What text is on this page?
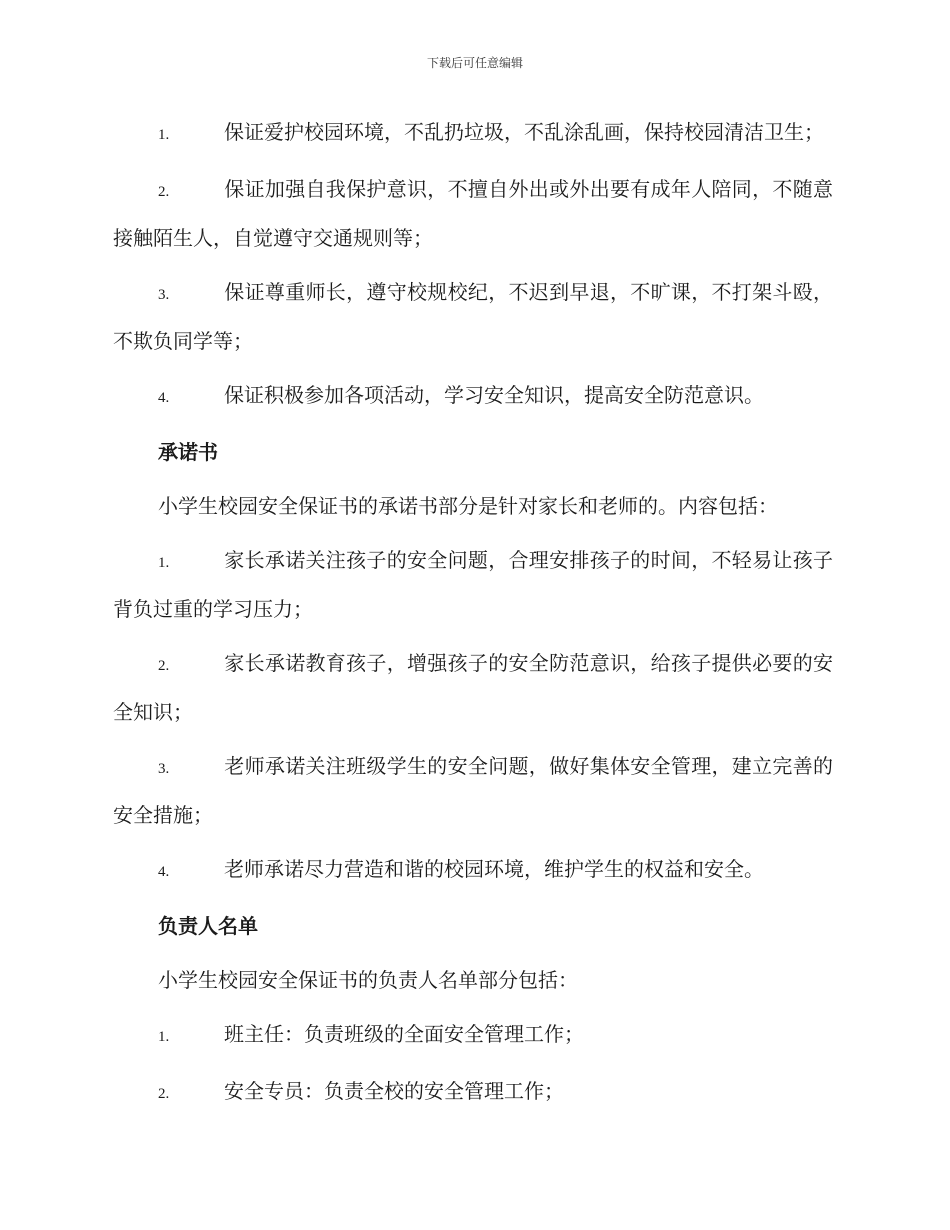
下载后可任意编辑
1.	保证爱护校园环境，不乱扔垃圾，不乱涂乱画，保持校园清洁卫生；
2.	保证加强自我保护意识，不擅自外出或外出要有成年人陪同，不随意接触陌生人，自觉遵守交通规则等；
3.	保证尊重师长，遵守校规校纪，不迟到早退，不旷课，不打架斗殴，不欺负同学等；
4.	保证积极参加各项活动，学习安全知识，提高安全防范意识。
承诺书
小学生校园安全保证书的承诺书部分是针对家长和老师的。内容包括：
1.	家长承诺关注孩子的安全问题，合理安排孩子的时间，不轻易让孩子背负过重的学习压力；
2.	家长承诺教育孩子，增强孩子的安全防范意识，给孩子提供必要的安全知识；
3.	老师承诺关注班级学生的安全问题，做好集体安全管理，建立完善的安全措施；
4.	老师承诺尽力营造和谐的校园环境，维护学生的权益和安全。
负责人名单
小学生校园安全保证书的负责人名单部分包括：
1.	班主任：负责班级的全面安全管理工作；
2.	安全专员：负责全校的安全管理工作；
